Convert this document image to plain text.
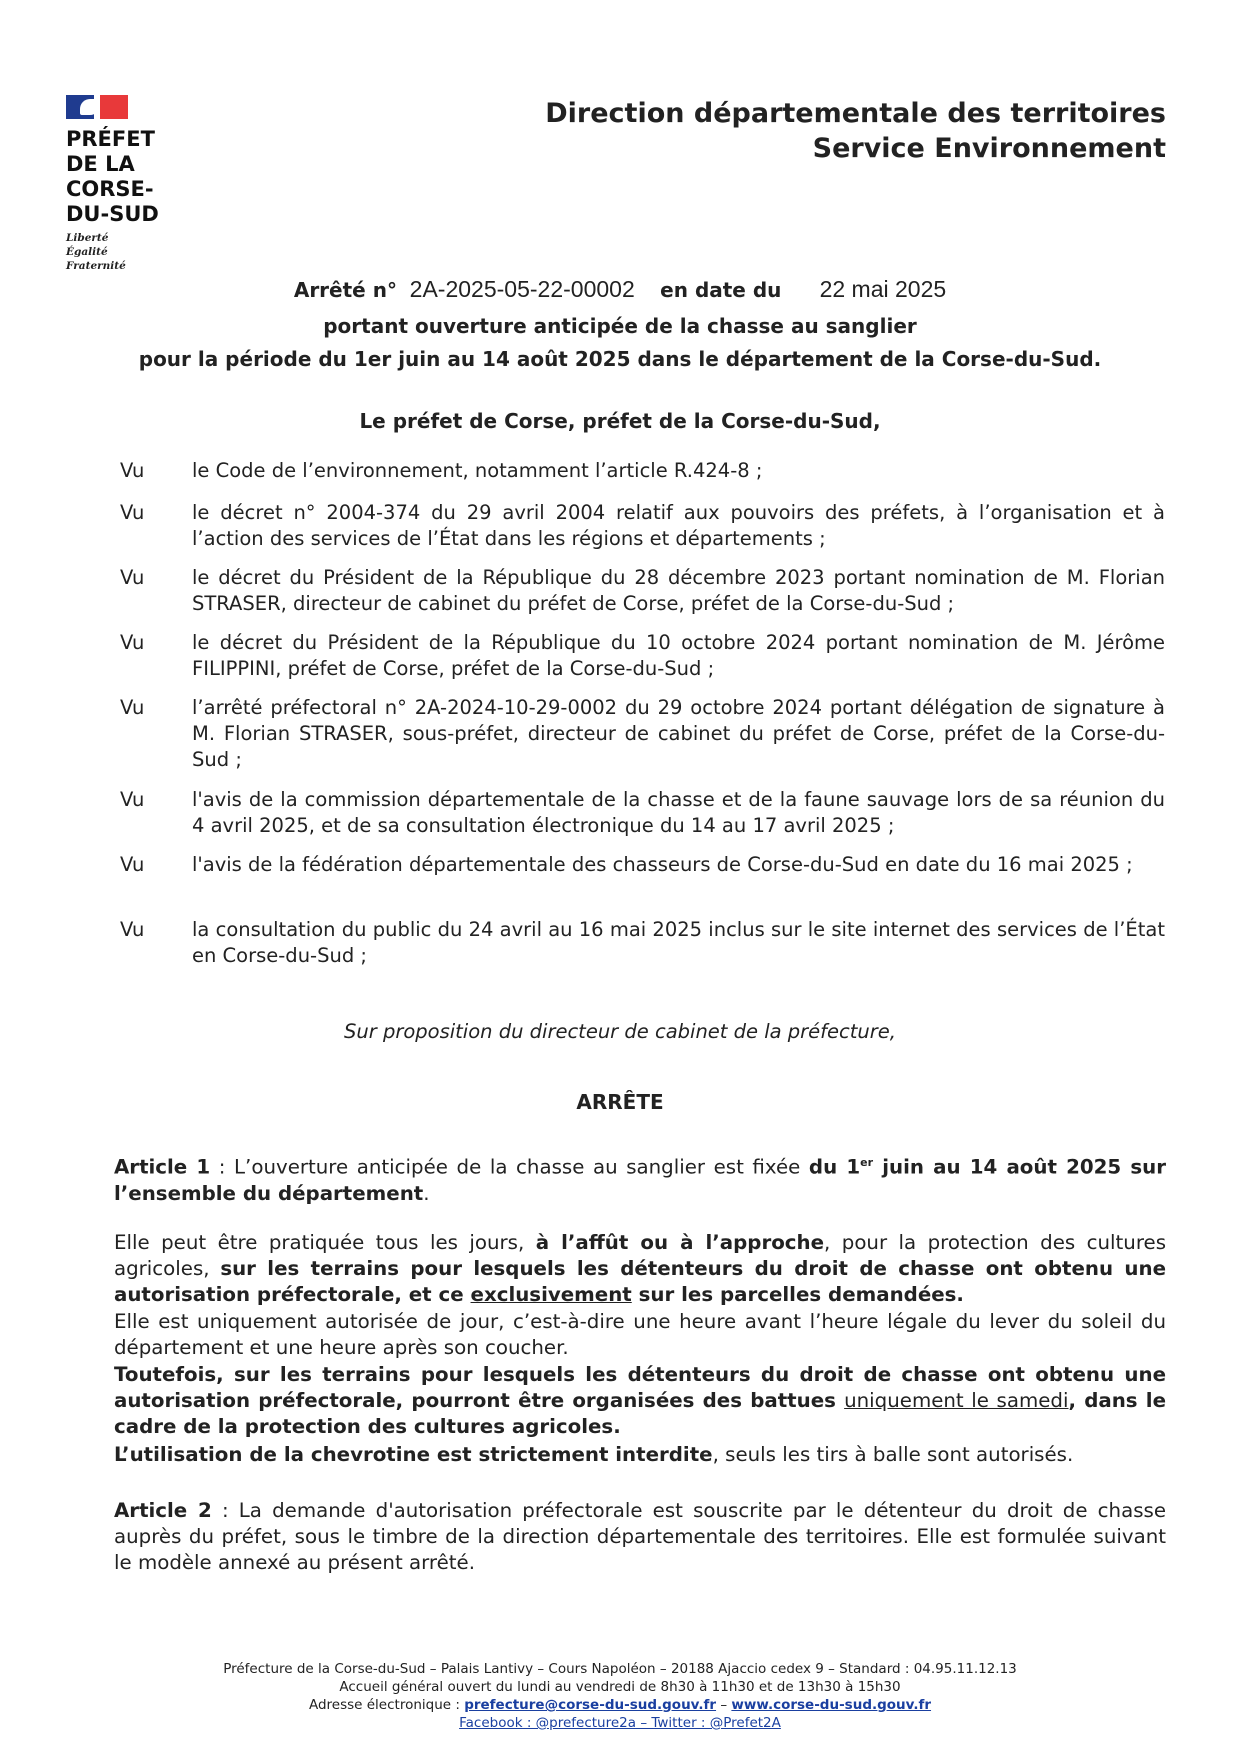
PRÉFET
DE LA CORSE-
DU-SUD
Liberté
Égalité
Fraternité
Direction départementale des territoires
Service Environnement
Arrêté n° 2A-2025-05-22-00002 en date du 22 mai 2025
portant ouverture anticipée de la chasse au sanglier
pour la période du 1er juin au 14 août 2025 dans le département de la Corse-du-Sud.
Le préfet de Corse, préfet de la Corse-du-Sud,
Vu le Code de l’environnement, notamment l’article R.424-8 ;
Vu le décret n° 2004-374 du 29 avril 2004 relatif aux pouvoirs des préfets, à l’organisation et à l’action des services de l’État dans les régions et départements ;
Vu le décret du Président de la République du 28 décembre 2023 portant nomination de M. Florian STRASER, directeur de cabinet du préfet de Corse, préfet de la Corse-du-Sud ;
Vu le décret du Président de la République du 10 octobre 2024 portant nomination de M. Jérôme FILIPPINI, préfet de Corse, préfet de la Corse-du-Sud ;
Vu l’arrêté préfectoral n° 2A-2024-10-29-0002 du 29 octobre 2024 portant délégation de signature à M. Florian STRASER, sous-préfet, directeur de cabinet du préfet de Corse, préfet de la Corse-du-Sud ;
Vu l'avis de la commission départementale de la chasse et de la faune sauvage lors de sa réunion du 4 avril 2025, et de sa consultation électronique du 14 au 17 avril 2025 ;
Vu l'avis de la fédération départementale des chasseurs de Corse-du-Sud en date du 16 mai 2025 ;
Vu la consultation du public du 24 avril au 16 mai 2025 inclus sur le site internet des services de l’État en Corse-du-Sud ;
Sur proposition du directeur de cabinet de la préfecture,
ARRÊTE
Article 1 : L’ouverture anticipée de la chasse au sanglier est fixée du 1er juin au 14 août 2025 sur l’ensemble du département.
Elle peut être pratiquée tous les jours, à l’affût ou à l’approche, pour la protection des cultures agricoles, sur les terrains pour lesquels les détenteurs du droit de chasse ont obtenu une autorisation préfectorale, et ce exclusivement sur les parcelles demandées.
Elle est uniquement autorisée de jour, c’est-à-dire une heure avant l’heure légale du lever du soleil du département et une heure après son coucher.
Toutefois, sur les terrains pour lesquels les détenteurs du droit de chasse ont obtenu une autorisation préfectorale, pourront être organisées des battues uniquement le samedi, dans le cadre de la protection des cultures agricoles.
L’utilisation de la chevrotine est strictement interdite, seuls les tirs à balle sont autorisés.
Article 2 : La demande d'autorisation préfectorale est souscrite par le détenteur du droit de chasse auprès du préfet, sous le timbre de la direction départementale des territoires. Elle est formulée suivant le modèle annexé au présent arrêté.
Préfecture de la Corse-du-Sud – Palais Lantivy – Cours Napoléon – 20188 Ajaccio cedex 9 – Standard : 04.95.11.12.13
Accueil général ouvert du lundi au vendredi de 8h30 à 11h30 et de 13h30 à 15h30
Adresse électronique : prefecture@corse-du-sud.gouv.fr – www.corse-du-sud.gouv.fr
Facebook : @prefecture2a – Twitter : @Prefet2A
